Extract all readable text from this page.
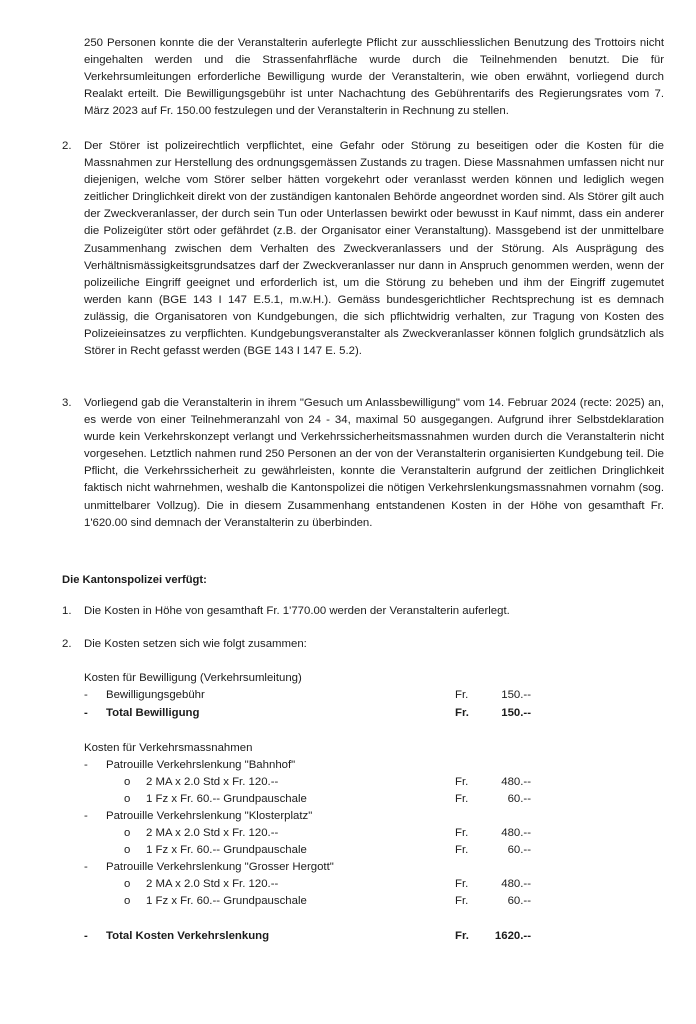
250 Personen konnte die der Veranstalterin auferlegte Pflicht zur ausschliesslichen Benutzung des Trottoirs nicht eingehalten werden und die Strassenfahrfläche wurde durch die Teilnehmenden benutzt. Die für Verkehrsumleitungen erforderliche Bewilligung wurde der Veranstalterin, wie oben erwähnt, vorliegend durch Realakt erteilt. Die Bewilligungsgebühr ist unter Nachachtung des Gebührentarifs des Regierungsrates vom 7. März 2023 auf Fr. 150.00 festzulegen und der Veranstalterin in Rechnung zu stellen.

2. Der Störer ist polizeirechtlich verpflichtet, eine Gefahr oder Störung zu beseitigen oder die Kosten für die Massnahmen zur Herstellung des ordnungsgemässen Zustands zu tragen. Diese Massnahmen umfassen nicht nur diejenigen, welche vom Störer selber hätten vorgekehrt oder veranlasst werden können und lediglich wegen zeitlicher Dringlichkeit direkt von der zuständigen kantonalen Behörde angeordnet worden sind. Als Störer gilt auch der Zweckveranlasser, der durch sein Tun oder Unterlassen bewirkt oder bewusst in Kauf nimmt, dass ein anderer die Polizeigüter stört oder gefährdet (z.B. der Organisator einer Veranstaltung). Massgebend ist der unmittelbare Zusammenhang zwischen dem Verhalten des Zweckveranlassers und der Störung. Als Ausprägung des Verhältnismässigkeitsgrundsatzes darf der Zweckveranlasser nur dann in Anspruch genommen werden, wenn der polizeiliche Eingriff geeignet und erforderlich ist, um die Störung zu beheben und ihm der Eingriff zugemutet werden kann (BGE 143 I 147 E.5.1, m.w.H.). Gemäss bundesgerichtlicher Rechtsprechung ist es demnach zulässig, die Organisatoren von Kundgebungen, die sich pflichtwidrig verhalten, zur Tragung von Kosten des Polizeieinsatzes zu verpflichten. Kundgebungsveranstalter als Zweckveranlasser können folglich grundsätzlich als Störer in Recht gefasst werden (BGE 143 I 147 E. 5.2).

3. Vorliegend gab die Veranstalterin in ihrem "Gesuch um Anlassbewilligung" vom 14. Februar 2024 (recte: 2025) an, es werde von einer Teilnehmeranzahl von 24 - 34, maximal 50 ausgegangen. Aufgrund ihrer Selbstdeklaration wurde kein Verkehrskonzept verlangt und Verkehrssicherheitsmassnahmen wurden durch die Veranstalterin nicht vorgesehen. Letztlich nahmen rund 250 Personen an der von der Veranstalterin organisierten Kundgebung teil. Die Pflicht, die Verkehrssicherheit zu gewährleisten, konnte die Veranstalterin aufgrund der zeitlichen Dringlichkeit faktisch nicht wahrnehmen, weshalb die Kantonspolizei die nötigen Verkehrslenkungsmassnahmen vornahm (sog. unmittelbarer Vollzug). Die in diesem Zusammenhang entstandenen Kosten in der Höhe von gesamthaft Fr. 1'620.00 sind demnach der Veranstalterin zu überbinden.

Die Kantonspolizei verfügt:
1. Die Kosten in Höhe von gesamthaft Fr. 1'770.00 werden der Veranstalterin auferlegt.
2. Die Kosten setzen sich wie folgt zusammen:
Kosten für Bewilligung (Verkehrsumleitung)
- Bewilligungsgebühr	Fr.	150.--
- Total Bewilligung	Fr.	150.--
Kosten für Verkehrsmassnahmen
- Patrouille Verkehrslenkung "Bahnhof"
o 2 MA x 2.0 Std x Fr. 120.--	Fr.	480.--
o 1 Fz x Fr. 60.-- Grundpauschale	Fr.	60.--
- Patrouille Verkehrslenkung "Klosterplatz"
o 2 MA x 2.0 Std x Fr. 120.--	Fr.	480.--
o 1 Fz x Fr. 60.-- Grundpauschale	Fr.	60.--
- Patrouille Verkehrslenkung "Grosser Hergott"
o 2 MA x 2.0 Std x Fr. 120.--	Fr.	480.--
o 1 Fz x Fr. 60.-- Grundpauschale	Fr.	60.--
- Total Kosten Verkehrslenkung	Fr.	1620.--
